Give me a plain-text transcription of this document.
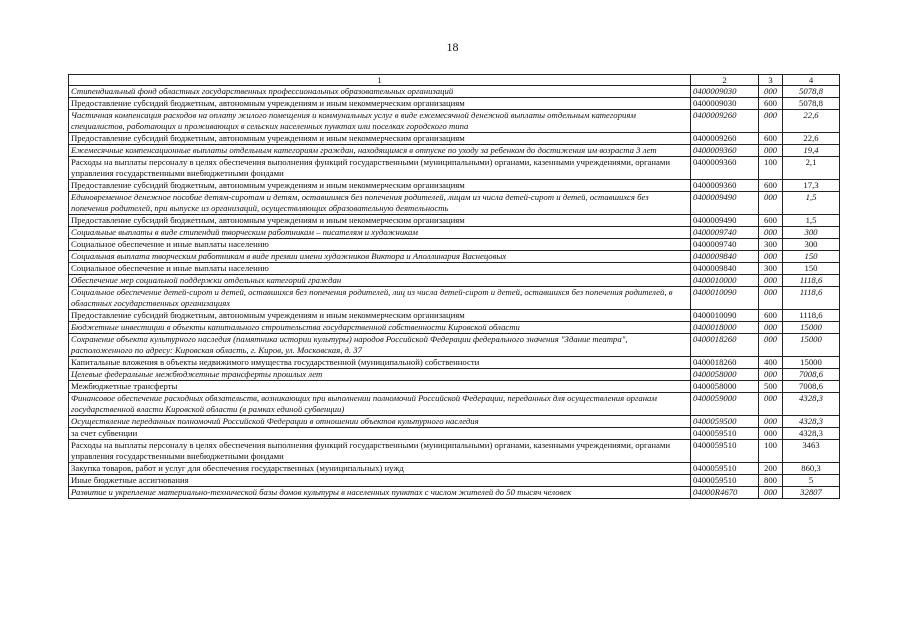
18
1	2	3	4
Стипендиальный фонд областных государственных профессиональных образовательных организаций	0400009030	000	5078,8
Предоставление субсидий бюджетным, автономным учреждениям и иным некоммерческим организациям	0400009030	600	5078,8
Частичная компенсация расходов на оплату жилого помещения и коммунальных услуг в виде ежемесячной денежной выплаты отдельным категориям специалистов, работающих и проживающих в сельских населенных пунктах или поселках городского типа	0400009260	000	22,6
Предоставление субсидий бюджетным, автономным учреждениям и иным некоммерческим организациям	0400009260	600	22,6
Ежемесячные компенсационные выплаты отдельным категориям граждан, находящимся в отпуске по уходу за ребенком до достижения им возраста 3 лет	0400009360	000	19,4
Расходы на выплаты персоналу в целях обеспечения выполнения функций государственными (муниципальными) органами, казенными учреждениями, органами управления государственными внебюджетными фондами	0400009360	100	2,1
Предоставление субсидий бюджетным, автономным учреждениям и иным некоммерческим организациям	0400009360	600	17,3
Единовременное денежное пособие детям-сиротам и детям, оставшимся без попечения родителей, лицам из числа детей-сирот и детей, оставшихся без попечения родителей, при выпуске из организаций, осуществляющих образовательную деятельность	0400009490	000	1,5
Предоставление субсидий бюджетным, автономным учреждениям и иным некоммерческим организациям	0400009490	600	1,5
Социальные выплаты в виде стипендий творческим работникам – писателям и художникам	0400009740	000	300
Социальное обеспечение и иные выплаты населению	0400009740	300	300
Социальная выплата творческим работникам в виде премии имени художников Виктора и Аполлинария Васнецовых	0400009840	000	150
Социальное обеспечение и иные выплаты населению	0400009840	300	150
Обеспечение мер социальной поддержки отдельных категорий граждан	0400010000	000	1118,6
Социальное обеспечение детей-сирот и детей, оставшихся без попечения родителей, лиц из числа детей-сирот и детей, оставшихся без попечения родителей, в областных государственных организациях	0400010090	000	1118,6
Предоставление субсидий бюджетным, автономным учреждениям и иным некоммерческим организациям	0400010090	600	1118,6
Бюджетные инвестиции в объекты капитального строительства государственной собственности Кировской области	0400018000	000	15000
Сохранение объекта культурного наследия (памятника истории культуры) народов Российской Федерации федерального значения "Здание театра", расположенного по адресу: Кировская область, г. Киров, ул. Московская, д. 37	0400018260	000	15000
Капитальные вложения в объекты недвижимого имущества государственной (муниципальной) собственности	0400018260	400	15000
Целевые федеральные межбюджетные трансферты прошлых лет	0400058000	000	7008,6
Межбюджетные трансферты	0400058000	500	7008,6
Финансовое обеспечение расходных обязательств, возникающих при выполнении полномочий Российской Федерации, переданных для осуществления органам государственной власти Кировской области (в рамках единой субвенции)	0400059000	000	4328,3
Осуществление переданных полномочий Российской Федерации в отношении объектов культурного наследия	0400059500	000	4328,3
за счет субвенции	0400059510	000	4328,3
Расходы на выплаты персоналу в целях обеспечения выполнения функций государственными (муниципальными) органами, казенными учреждениями, органами управления государственными внебюджетными фондами	0400059510	100	3463
Закупка товаров, работ и услуг для обеспечения государственных (муниципальных) нужд	0400059510	200	860,3
Иные бюджетные ассигнования	0400059510	800	5
Развитие и укрепление материально-технической базы домов культуры в населенных пунктах с числом жителей до 50 тысяч человек	04000R4670	000	32807
